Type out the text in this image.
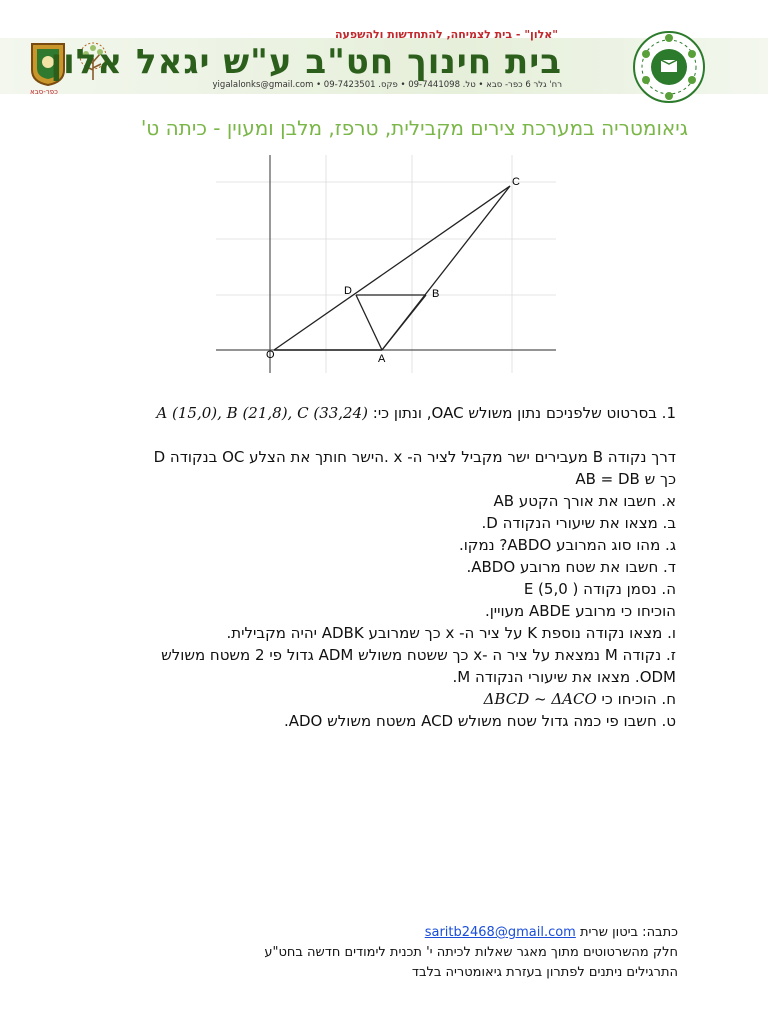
כפר-סבא
"אלון" - בית לצמיחה, להתחדשות ולהשפעה
בית חינוך חט"ב ע"ש יגאל אלון
רח' גלר 6 כפר- סבא • טל. 09-7441098 • פקס. 09-7423501 • yigalalonks@gmail.com
גיאומטריה במערכת צירים מקבילית, טרפז, מלבן ומעוין - כיתה ט'
C
D	B
O	A

1. בסרטוט שלפניכם נתון משולש OAC, ונתון כי: A (15,0), B (21,8), C (33,24)

דרך נקודה B מעבירים ישר מקביל לציר ה- x .הישר חותך את הצלע OC בנקודה D

כך ש AB = DB

א. חשבו את אורך הקטע AB

ב. מצאו את שיעורי הנקודה D.

ג. מהו סוג המרובע ABDO? נמקו.

ד. חשבו את שטח מרובע ABDO.

ה. נסמן נקודה ( E (5,0

הוכיחו כי מרובע ABDE מעויין.

ו. מצאו נקודה נוספת K על ציר ה- x כך שמרובע ADBK יהיה מקבילית.

ז. נקודה M נמצאת על ציר ה -x כך ששטח משולש ADM גדול פי 2 משטח משולש

ODM. מצאו את שיעורי הנקודה M.

ח. הוכיחו כי ΔBCD ~ ΔACO

ט. חשבו פי כמה גדול שטח משולש ACD משטח משולש ADO.

כתבה: ביטון שרית saritb2468@gmail.com

חלק מהשרטוטים מתוך מאגר שאלות לכיתה י' תכנית לימודים חדשה בחט"ע

התרגילים ניתנים לפתרון בעזרת גיאומטריה בלבד
